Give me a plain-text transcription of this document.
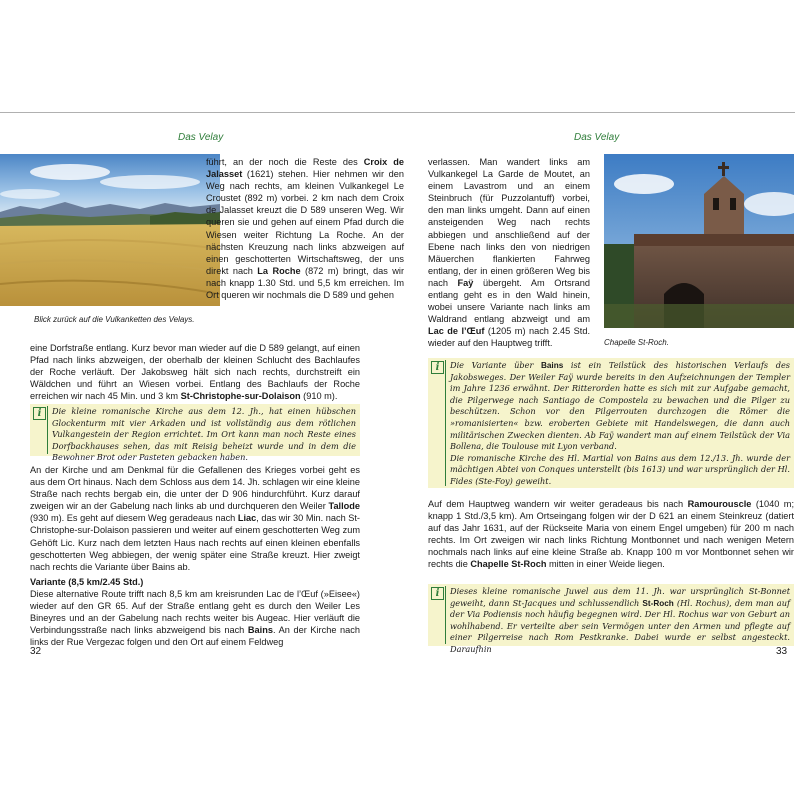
Das Velay
Blick zurück auf die Vulkanketten des Velays.

führt, an der noch die Reste des Croix de Jalasset (1621) stehen. Hier nehmen wir den Weg nach rechts, am kleinen Vulkankegel Le Croustet (892 m) vorbei. 2 km nach dem Croix de Jalasset kreuzt die D 589 unseren Weg. Wir queren sie und gehen auf einem Pfad durch die Wiesen weiter Richtung La Roche. An der nächsten Kreuzung nach links abzweigen auf einen geschotterten Wirtschaftsweg, der uns direkt nach La Roche (872 m) bringt, das wir nach knapp 1.30 Std. und 5,5 km erreichen. Im Ort queren wir nochmals die D 589 und gehen

eine Dorfstraße entlang. Kurz bevor man wieder auf die D 589 gelangt, auf einen Pfad nach links abzweigen, der oberhalb der kleinen Schlucht des Bachlaufes der Roche verläuft. Der Jakobsweg hält sich nach rechts, durchstreift ein Wäldchen und führt an Wiesen vorbei. Entlang des Bachlaufs der Roche erreichen wir nach 45 Min. und 3 km St-Christophe-sur-Dolaison (910 m).

i	Die kleine romanische Kirche aus dem 12. Jh., hat einen hübschen Glockenturm mit vier Arkaden und ist vollständig aus dem rötlichen Vulkangestein der Region errichtet. Im Ort kann man noch Reste eines Dorfbackhauses sehen, das mit Reisig beheizt wurde und in dem die Bewohner Brot oder Pasteten gebacken haben.

An der Kirche und am Denkmal für die Gefallenen des Krieges vorbei geht es aus dem Ort hinaus. Nach dem Schloss aus dem 14. Jh. schlagen wir eine kleine Straße nach rechts bergab ein, die unter der D 906 hindurchführt. Kurz darauf zweigen wir an der Gabelung nach links ab und durchqueren den Weiler Tallode (930 m). Es geht auf diesem Weg geradeaus nach Liac, das wir 30 Min. nach St-Christophe-sur-Dolaison passieren und weiter auf einem geschotterten Weg zum Gehöft Lic. Kurz nach dem letzten Haus nach rechts auf einen kleinen ebenfalls geschotterten Weg abbiegen, der wenig später eine Straße kreuzt. Hier zweigt nach rechts die Variante über Bains ab.

Variante (8,5 km/2.45 Std.)

Diese alternative Route trifft nach 8,5 km am kreisrunden Lac de l’Œuf (»Eisee«) wieder auf den GR 65. Auf der Straße entlang geht es durch den Weiler Les Bineyres und an der Gabelung nach rechts weiter bis Augeac. Hier verläuft die Verbindungsstraße nach links abzweigend bis nach Bains. An der Kirche nach links der Rue Vergezac folgen und den Ort auf einem Feldweg

32
Das Velay

verlassen. Man wandert links am Vulkankegel La Garde de Moutet, an einem Lavastrom und an einem Steinbruch (für Puzzolantuff) vorbei, den man links umgeht. Dann auf einen ansteigenden Weg nach rechts abbiegen und anschließend auf der Ebene nach links den von niedrigen Mäuerchen flankierten Fahrweg entlang, der in einen größeren Weg bis nach Faÿ übergeht. Am Ortsrand entlang geht es in den Wald hinein, wobei unsere Variante nach links am Waldrand entlang abzweigt und am Lac de l’Œuf (1205 m) nach 2.45 Std. wieder auf den Hauptweg trifft.	Chapelle St-Roch.
i	Die Variante über Bains ist ein Teilstück des historischen Verlaufs des Jakobsweges. Der Weiler Faÿ wurde bereits in den Aufzeichnungen der Templer im Jahre 1236 erwähnt. Der Ritterorden hatte es sich mit zur Aufgabe gemacht, die Pilgerwege nach Santiago de Compostela zu bewachen und die Pilger zu beschützen. Schon vor den Pilgerrouten durchzogen die Römer die »romanisierten« bzw. eroberten Gebiete mit Handelswegen, die dann auch militärischen Zwecken dienten. Ab Faÿ wandert man auf einem Teilstück der Via Bollena, die Toulouse mit Lyon verband.

Die romanische Kirche des Hl. Martial von Bains aus dem 12./13. Jh. wurde der mächtigen Abtei von Conques unterstellt (bis 1613) und war ursprünglich der Hl. Fides (Ste-Foy) geweiht.

Auf dem Hauptweg wandern wir weiter geradeaus bis nach Ramourouscle (1040 m; knapp 1 Std./3,5 km). Am Ortseingang folgen wir der D 621 an einem Steinkreuz (datiert auf das Jahr 1631, auf der Rückseite Maria von einem Engel umgeben) für 200 m nach rechts. Im Ort zweigen wir nach links Richtung Montbonnet und nach wenigen Metern nochmals nach links auf eine kleine Straße ab. Knapp 100 m vor Montbonnet sehen wir rechts die Chapelle St-Roch mitten in einer Weide liegen.

i	Dieses kleine romanische Juwel aus dem 11. Jh. war ursprünglich St-Bonnet geweiht, dann St-Jacques und schlussendlich St-Roch (Hl. Rochus), dem man auf der Via Podiensis noch häufig begegnen wird. Der Hl. Rochus war von Geburt an wohlhabend. Er verteilte aber sein Vermögen unter den Armen und pflegte auf einer Pilgerreise nach Rom Pestkranke. Dabei wurde er selbst angesteckt. Daraufhin	33
